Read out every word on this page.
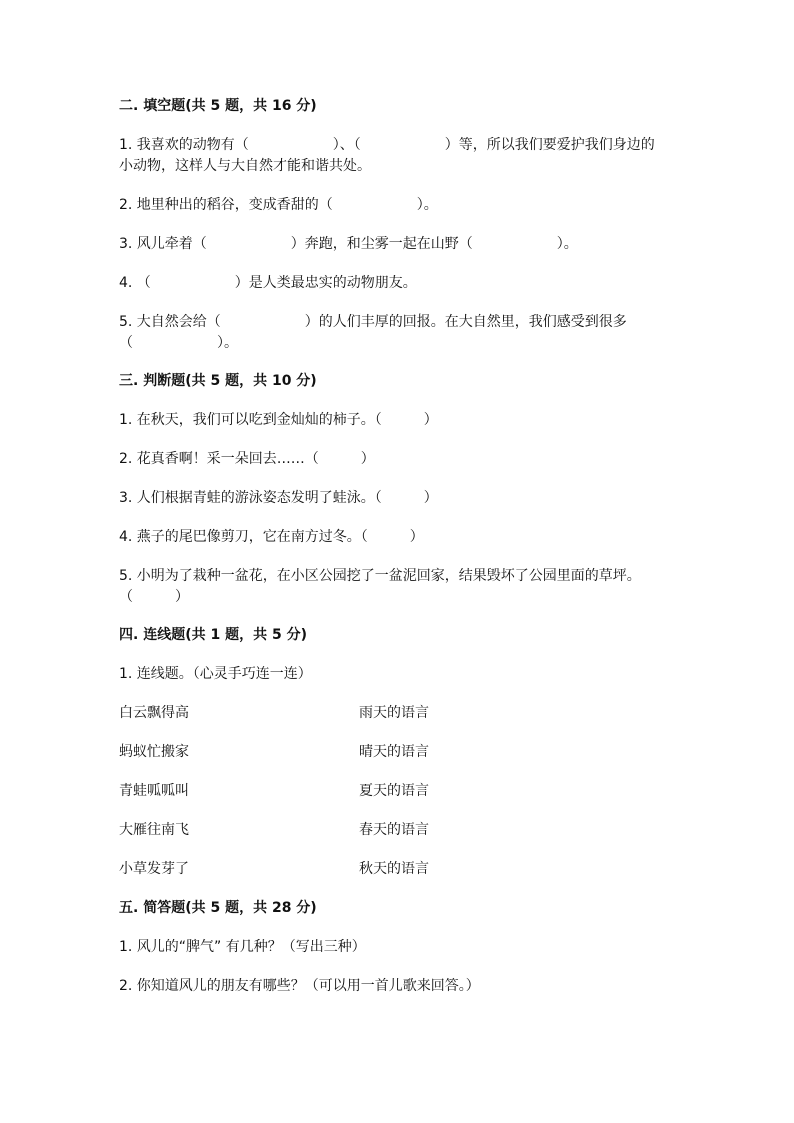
二. 填空题(共 5 题，共 16 分)
1. 我喜欢的动物有（　　　　　　）、（　　　　　　）等，所以我们要爱护我们身边的小动物，这样人与大自然才能和谐共处。
2. 地里种出的稻谷，变成香甜的（　　　　　　）。
3. 风儿牵着（　　　　　　）奔跑，和尘雾一起在山野（　　　　　　）。
4. （　　　　　　）是人类最忠实的动物朋友。
5. 大自然会给（　　　　　　）的人们丰厚的回报。在大自然里，我们感受到很多（　　　　　　）。
三. 判断题(共 5 题，共 10 分)
1. 在秋天，我们可以吃到金灿灿的柿子。（　　　）
2. 花真香啊！采一朵回去……（　　　）
3. 人们根据青蛙的游泳姿态发明了蛙泳。（　　　）
4. 燕子的尾巴像剪刀，它在南方过冬。（　　　）
5. 小明为了栽种一盆花，在小区公园挖了一盆泥回家，结果毁坏了公园里面的草坪。（　　　）
四. 连线题(共 1 题，共 5 分)
1. 连线题。（心灵手巧连一连）
白云飘得高	雨天的语言
蚂蚁忙搬家	晴天的语言
青蛙呱呱叫	夏天的语言
大雁往南飞	春天的语言
小草发芽了	秋天的语言
五. 简答题(共 5 题，共 28 分)
1. 风儿的“脾气” 有几种？（写出三种）
2. 你知道风儿的朋友有哪些？（可以用一首儿歌来回答。）
